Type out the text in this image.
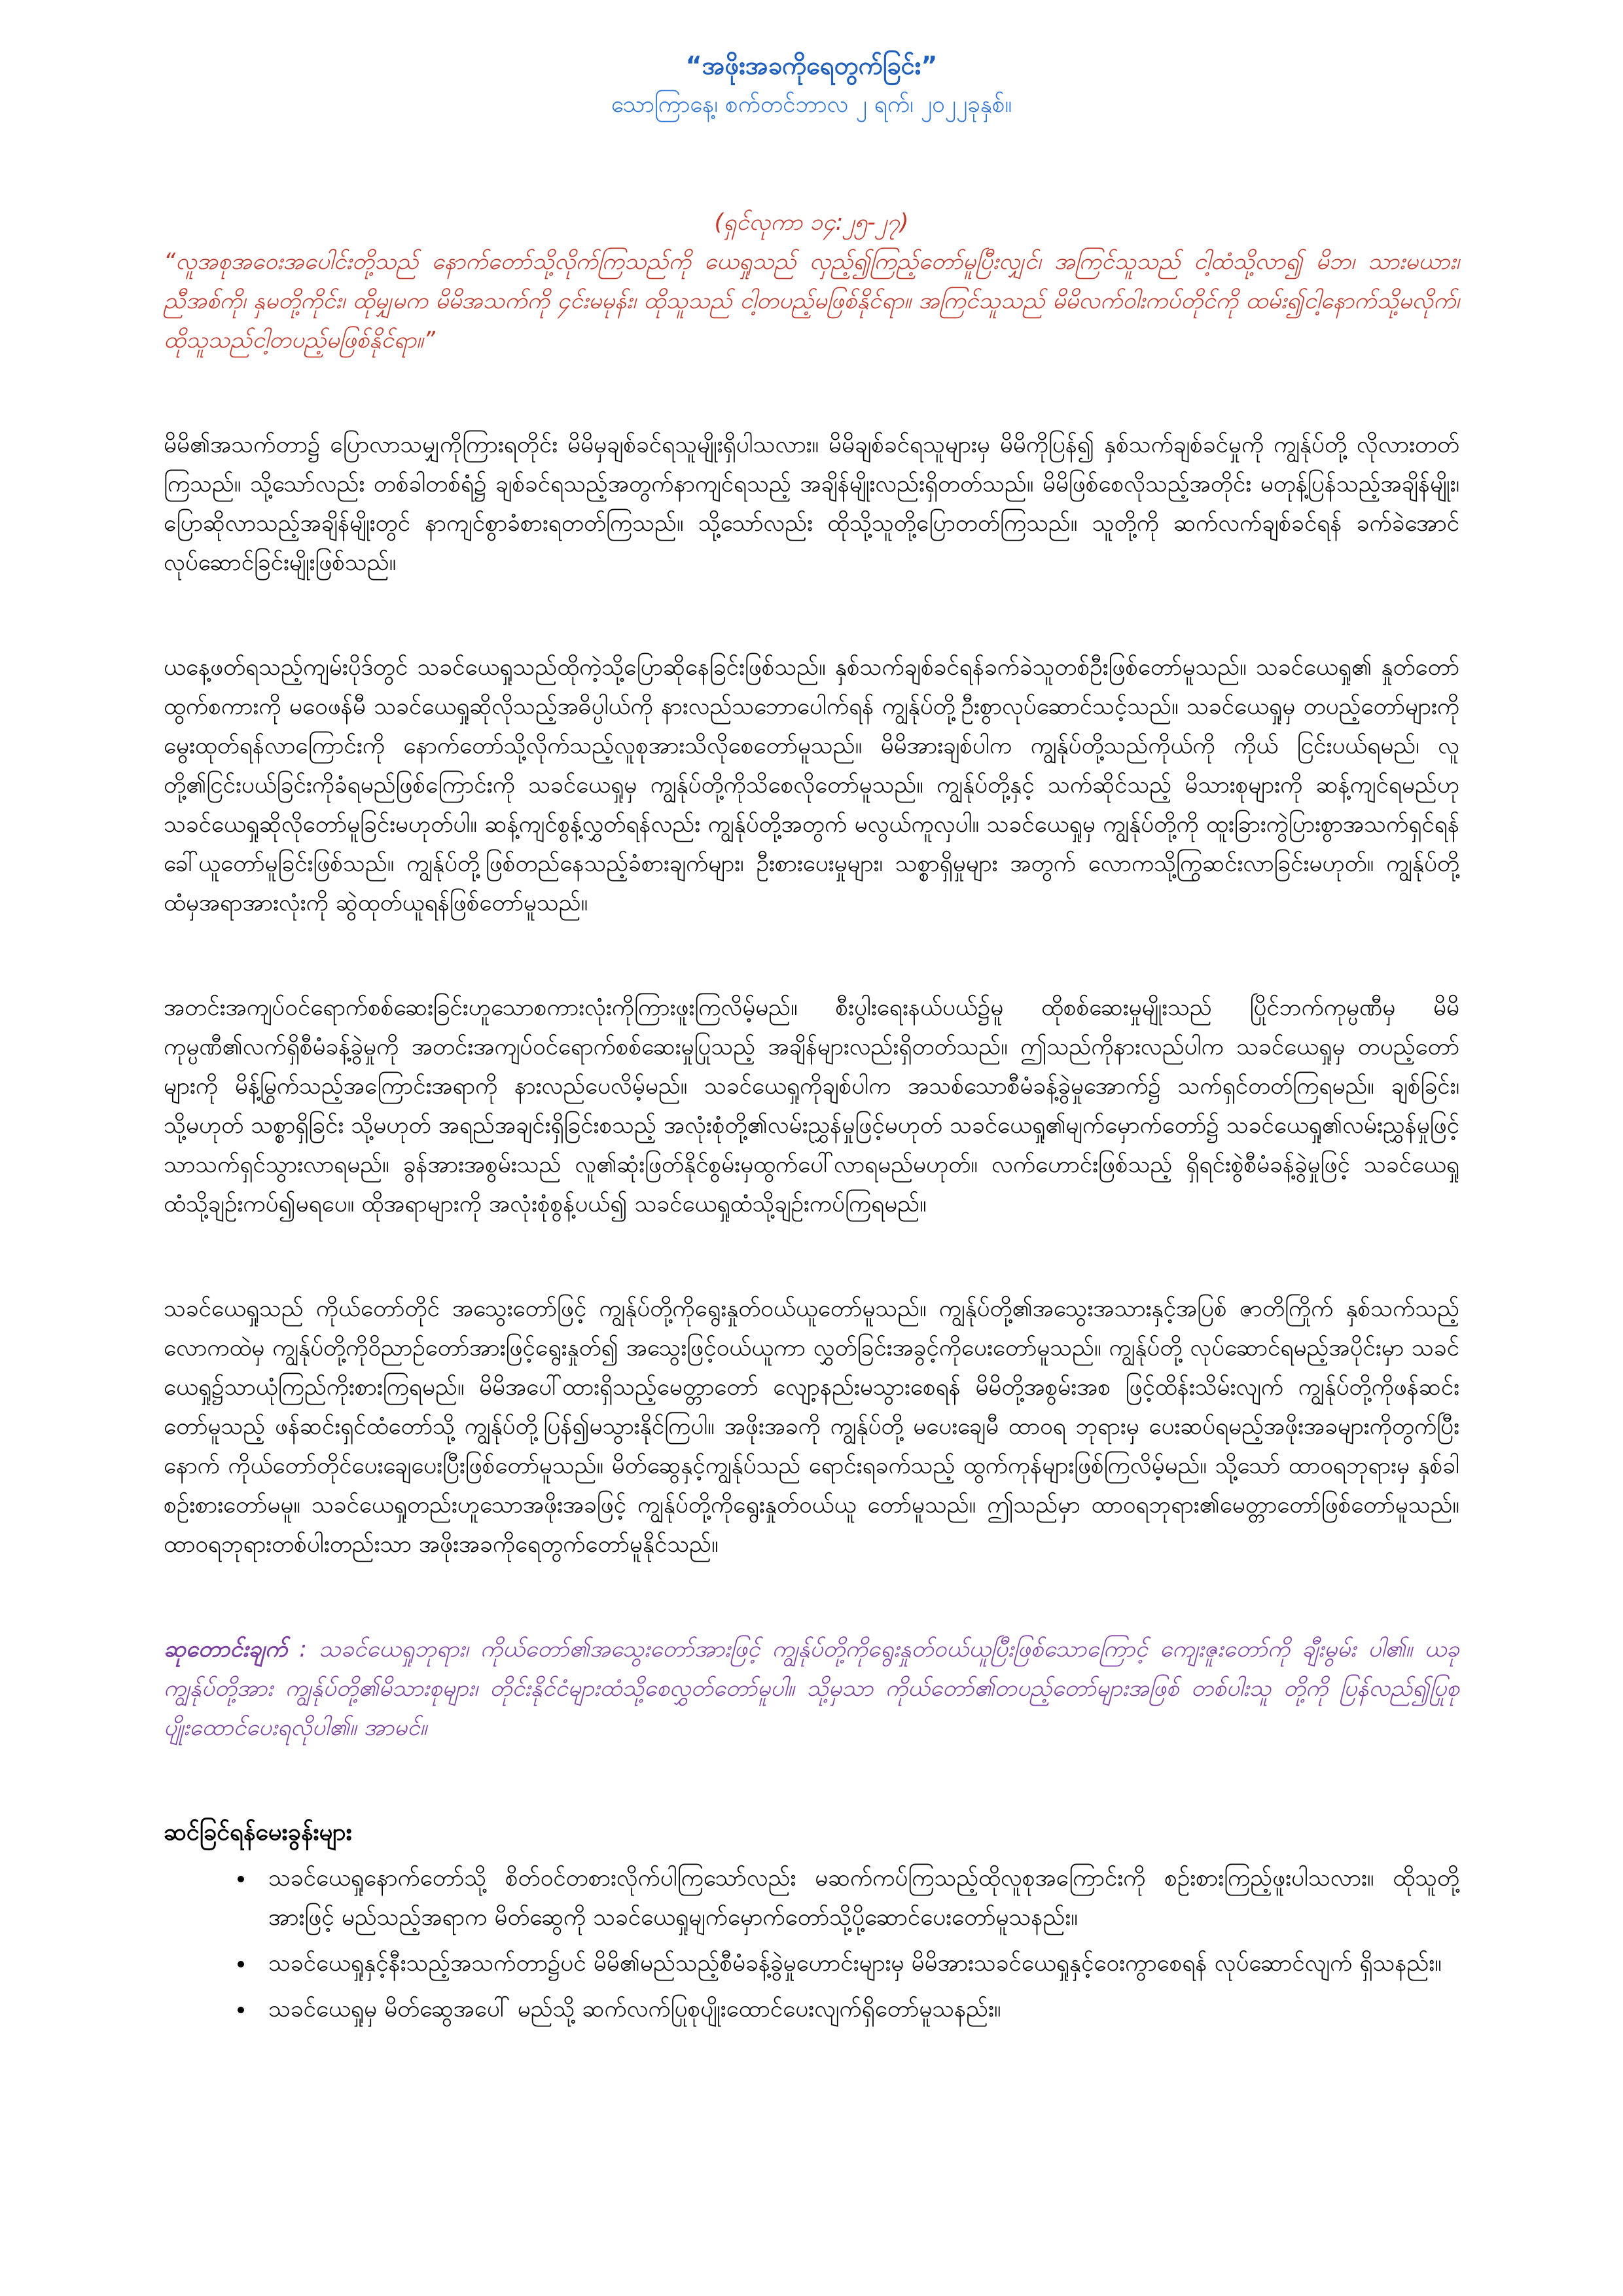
“အဖိုးအခကိုရေတွက်ခြင်း”

သောကြာနေ့၊ စက်တင်ဘာလ ၂ ရက်၊ ၂၀၂၂ခုနှစ်။

(ရှင်လုကာ ၁၄:၂၅-၂၇)

“လူအစုအဝေးအပေါင်းတို့သည် နောက်တော်သို့လိုက်ကြသည်ကို ယေရှုသည် လှည့်၍ကြည့်တော်မူပြီးလျှင်၊ အကြင်သူသည် ငါ့ထံသို့လာ၍ မိဘ၊ သားမယား၊ ညီအစ်ကို၊ နှမတို့ကိုင်း၊ ထိုမျှမက မိမိအသက်ကို ၄င်းမမုန်း၊ ထိုသူသည် ငါ့တပည့်မဖြစ်နိုင်ရာ။ အကြင်သူသည် မိမိလက်ဝါးကပ်တိုင်ကို ထမ်း၍ငါ့နောက်သို့မလိုက်၊ ထိုသူသည်ငါ့တပည့်မဖြစ်နိုင်ရာ။”

မိမိ၏အသက်တာ၌ ပြောလာသမျှကိုကြားရတိုင်း မိမိမှချစ်ခင်ရသူမျိုးရှိပါသလား။ မိမိချစ်ခင်ရသူများမှ မိမိကိုပြန်၍ နှစ်သက်ချစ်ခင်မှုကို ကျွန်ုပ်တို့ လိုလားတတ်ကြသည်။ သို့သော်လည်း တစ်ခါတစ်ရံ၌ ချစ်ခင်ရသည့်အတွက်နာကျင်ရသည့် အချိန်မျိုးလည်းရှိတတ်သည်။ မိမိဖြစ်စေလိုသည့်အတိုင်း မတုန့်ပြန်သည့်အချိန်မျိုး၊ ပြောဆိုလာသည့်အချိန်မျိုးတွင် နာကျင်စွာခံစားရတတ်ကြသည်။ သို့သော်လည်း ထိုသို့သူတို့ပြောတတ်ကြသည်။ သူတို့ကို ဆက်လက်ချစ်ခင်ရန် ခက်ခဲအောင်လုပ်ဆောင်ခြင်းမျိုးဖြစ်သည်။

ယနေ့ဖတ်ရသည့်ကျမ်းပိုဒ်တွင် သခင်ယေရှုသည်ထိုကဲ့သို့ပြောဆိုနေခြင်းဖြစ်သည်။ နှစ်သက်ချစ်ခင်ရန်ခက်ခဲသူတစ်ဦးဖြစ်တော်မူသည်။ သခင်ယေရှု၏ နှုတ်တော်ထွက်စကားကို မဝေဖန်မီ သခင်ယေရှုဆိုလိုသည့်အဓိပ္ပါယ်ကို နားလည်သဘောပေါက်ရန် ကျွန်ုပ်တို့ဦးစွာလုပ်ဆောင်သင့်သည်။ သခင်ယေရှုမှ တပည့်တော်များကိုမွေးထုတ်ရန်လာကြောင်းကို နောက်တော်သို့လိုက်သည့်လူစုအားသိလိုစေတော်မူသည်။ မိမိအားချစ်ပါက ကျွန်ုပ်တို့သည်ကိုယ်ကို ကိုယ် ငြင်းပယ်ရမည်၊ လူတို့၏ငြင်းပယ်ခြင်းကိုခံရမည်ဖြစ်ကြောင်းကို သခင်ယေရှုမှ ကျွန်ုပ်တို့ကိုသိစေလိုတော်မူသည်။ ကျွန်ုပ်တို့နှင့် သက်ဆိုင်သည့် မိသားစုများကို ဆန့်ကျင်ရမည်ဟု သခင်ယေရှုဆိုလိုတော်မူခြင်းမဟုတ်ပါ။ ဆန့်ကျင်စွန့်လွှတ်ရန်လည်း ကျွန်ုပ်တို့အတွက် မလွယ်ကူလှပါ။ သခင်ယေရှုမှ ကျွန်ုပ်တို့ကို ထူးခြားကွဲပြားစွာအသက်ရှင်ရန်ခေါ်ယူတော်မူခြင်းဖြစ်သည်။ ကျွန်ုပ်တို့ဖြစ်တည်နေသည့်ခံစားချက်များ၊ ဦးစားပေးမှုများ၊ သစ္စာရှိမှုများ အတွက် လောကသို့ကြွဆင်းလာခြင်းမဟုတ်။ ကျွန်ုပ်တို့ထံမှအရာအားလုံးကို ဆွဲထုတ်ယူရန်ဖြစ်တော်မူသည်။

အတင်းအကျပ်ဝင်ရောက်စစ်ဆေးခြင်းဟူသောစကားလုံးကိုကြားဖူးကြလိမ့်မည်။ စီးပွါးရေးနယ်ပယ်၌မူ ထိုစစ်ဆေးမှုမျိုးသည် ပြိုင်ဘက်ကုမ္ပဏီမှ မိမိကုမ္ပဏီ၏လက်ရှိစီမံခန့်ခွဲမှုကို အတင်းအကျပ်ဝင်ရောက်စစ်ဆေးမှုပြုသည့် အချိန်များလည်းရှိတတ်သည်။ ဤသည်ကိုနားလည်ပါက သခင်ယေရှုမှ တပည့်တော်များကို မိန့်မြွက်သည့်အကြောင်းအရာကို နားလည်ပေလိမ့်မည်။ သခင်ယေရှုကိုချစ်ပါက အသစ်သောစီမံခန့်ခွဲမှုအောက်၌ သက်ရှင်တတ်ကြရမည်။ ချစ်ခြင်း၊ သို့မဟုတ် သစ္စာရှိခြင်း သို့မဟုတ် အရည်အချင်းရှိခြင်းစသည့် အလုံးစုံတို့၏လမ်းညွှန်မှုဖြင့်မဟုတ် သခင်ယေရှု၏မျက်မှောက်တော်၌ သခင်ယေရှု၏လမ်းညွှန်မှုဖြင့်သာသက်ရှင်သွားလာရမည်။ ခွန်အားအစွမ်းသည် လူ၏ဆုံးဖြတ်နိုင်စွမ်းမှထွက်ပေါ်လာရမည်မဟုတ်။ လက်ဟောင်းဖြစ်သည့် ရှိရင်းစွဲစီမံခန့်ခွဲမှုဖြင့် သခင်ယေရှုထံသို့ချဉ်းကပ်၍မရပေ။ ထိုအရာများကို အလုံးစုံစွန့်ပယ်၍ သခင်ယေရှုထံသို့ချဉ်းကပ်ကြရမည်။

သခင်ယေရှုသည် ကိုယ်တော်တိုင် အသွေးတော်ဖြင့် ကျွန်ုပ်တို့ကိုရွေးနှုတ်ဝယ်ယူတော်မူသည်။ ကျွန်ုပ်တို့၏အသွေးအသားနှင့်အပြစ် ဇာတိကြိုက် နှစ်သက်သည့်လောကထဲမှ ကျွန်ုပ်တို့ကိုဝိညာဉ်တော်အားဖြင့်ရွေးနှုတ်၍ အသွေးဖြင့်ဝယ်ယူကာ လွှတ်ခြင်းအခွင့်ကိုပေးတော်မူသည်။ ကျွန်ုပ်တို့ လုပ်ဆောင်ရမည့်အပိုင်းမှာ သခင်ယေရှု၌သာယုံကြည်ကိုးစားကြရမည်။ မိမိအပေါ်ထားရှိသည့်မေတ္တာတော် လျော့နည်းမသွားစေရန် မိမိတို့အစွမ်းအစ ဖြင့်ထိန်းသိမ်းလျက် ကျွန်ုပ်တို့ကိုဖန်ဆင်းတော်မူသည့် ဖန်ဆင်းရှင်ထံတော်သို့ ကျွန်ုပ်တို့ပြန်၍မသွားနိုင်ကြပါ။ အဖိုးအခကို ကျွန်ုပ်တို့ မပေးချေမီ ထာဝရ ဘုရားမှ ပေးဆပ်ရမည့်အဖိုးအခများကိုတွက်ပြီးနောက် ကိုယ်တော်တိုင်ပေးချေပေးပြီးဖြစ်တော်မူသည်။ မိတ်ဆွေနှင့်ကျွန်ုပ်သည် ရောင်းရခက်သည့် ထွက်ကုန်များဖြစ်ကြလိမ့်မည်။ သို့သော် ထာဝရဘုရားမှ နှစ်ခါစဉ်းစားတော်မမူ။ သခင်ယေရှုတည်းဟူသောအဖိုးအခဖြင့် ကျွန်ုပ်တို့ကိုရွေးနှုတ်ဝယ်ယူ တော်မူသည်။ ဤသည်မှာ ထာဝရဘုရား၏မေတ္တာတော်ဖြစ်တော်မူသည်။ ထာဝရဘုရားတစ်ပါးတည်းသာ အဖိုးအခကိုရေတွက်တော်မူနိုင်သည်။

ဆုတောင်းချက် : သခင်ယေရှုဘုရား၊ ကိုယ်တော်၏အသွေးတော်အားဖြင့် ကျွန်ုပ်တို့ကိုရွေးနှုတ်ဝယ်ယူပြီးဖြစ်သောကြောင့် ကျေးဇူးတော်ကို ချီးမွမ်း ပါ၏။ ယခု ကျွန်ုပ်တို့အား ကျွန်ုပ်တို့၏မိသားစုများ၊ တိုင်းနိုင်ငံများထံသို့စေလွှတ်တော်မူပါ။ သို့မှသာ ကိုယ်တော်၏တပည့်တော်များအဖြစ် တစ်ပါးသူ တို့ကို ပြန်လည်၍ပြုစုပျိုးထောင်ပေးရလိုပါ၏။ အာမင်။

ဆင်ခြင်ရန်မေးခွန်းများ

• သခင်ယေရှုနောက်တော်သို့ စိတ်ဝင်တစားလိုက်ပါကြသော်လည်း မဆက်ကပ်ကြသည့်ထိုလူစုအကြောင်းကို စဉ်းစားကြည့်ဖူးပါသလား။ ထိုသူတို့အားဖြင့် မည်သည့်အရာက မိတ်ဆွေကို သခင်ယေရှုမျက်မှောက်တော်သို့ပို့ဆောင်ပေးတော်မူသနည်း။
• သခင်ယေရှုနှင့်နီးသည့်အသက်တာ၌ပင် မိမိ၏မည်သည့်စီမံခန့်ခွဲမှုဟောင်းများမှ မိမိအားသခင်ယေရှုနှင့်ဝေးကွာစေရန် လုပ်ဆောင်လျက် ရှိသနည်း။
• သခင်ယေရှုမှ မိတ်ဆွေအပေါ် မည်သို့ ဆက်လက်ပြုစုပျိုးထောင်ပေးလျက်ရှိတော်မူသနည်း။
